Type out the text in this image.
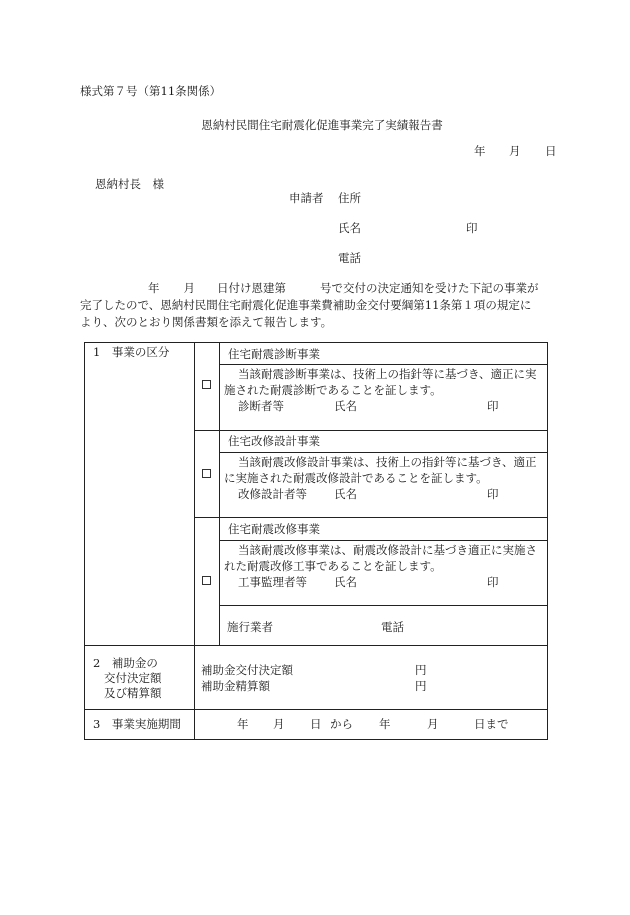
様式第７号（第11条関係）
恩納村民間住宅耐震化促進事業完了実績報告書
年 月 日
恩納村長　様
申請者 住所
氏名	印
電話
年 月 日付け恩建第	号で交付の決定通知を受けた下記の事業が
完了したので、恩納村民間住宅耐震化促進事業費補助金交付要綱第11条第１項の規定に
より、次のとおり関係書類を添えて報告します。
1　事業の区分	住宅耐震診断事業
当該耐震診断事業は、技術上の指針等に基づき、適正に実
施された耐震診断であることを証します。
診断者等	氏名	印
住宅改修設計事業
当該耐震改修設計事業は、技術上の指針等に基づき、適正
に実施された耐震改修設計であることを証します。
改修設計者等 氏名	印
住宅耐震改修事業
当該耐震改修事業は、耐震改修設計に基づき適正に実施さ
れた耐震改修工事であることを証します。
工事監理者等 氏名	印
施行業者	電話
2　補助金の
交付決定額
及び精算額
補助金交付決定額	円
補助金精算額	円
3　事業実施期間	年 月 日 から 年	月	日まで
